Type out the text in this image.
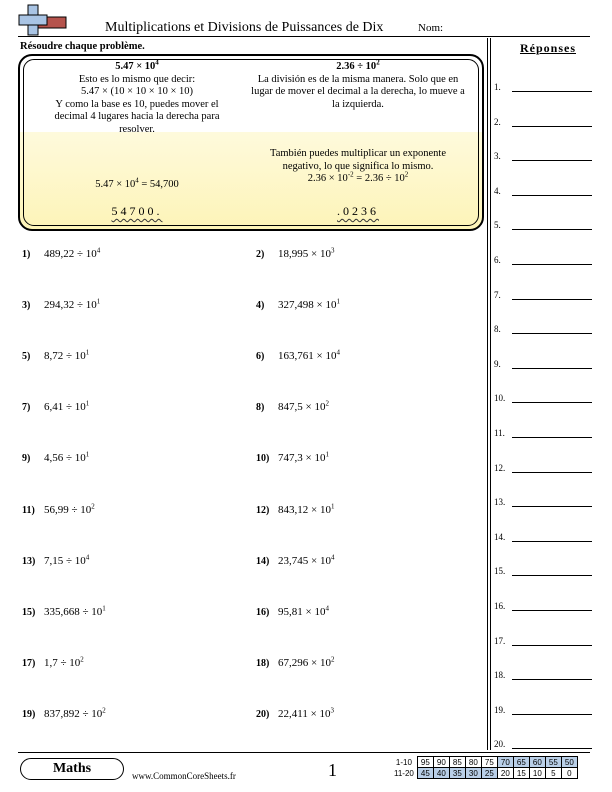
Multiplications et Divisions de Puissances de Dix	Nom:
Résoudre chaque problème.
$5.47 \times 10^4$
Esto es lo mismo que decir:
5.47 × (10 × 10 × 10 × 10)
Y como la base es 10, puedes mover el
decimal 4 lugares hacia la derecha para
resolver.
$5.47 \times 10^4 = 54,700$
54700.
$2.36 \div 10^2$
La división es de la misma manera. Solo que en
lugar de mover el decimal a la derecha, lo mueve a
la izquierda.
También puedes multiplicar un exponente
negativo, lo que significa lo mismo.
$2.36 \times 10^{-2} = 2.36 \div 10^2$
.0236
Réponses
1.
2.
3.
4.
5.
6.
7.
8.
9.
10.
11.
12.
13.
14.
15.
16.
17.
18.
19.
20.
1) $489,22 \div 10^4$	2) $18,995 \times 10^3$
3) $294,32 \div 10^1$	4) $327,498 \times 10^1$
5) $8,72 \div 10^1$	6) $163,761 \times 10^4$
7) $6,41 \div 10^1$	8) $847,5 \times 10^2$
9) $4,56 \div 10^1$	10) $747,3 \times 10^1$
11) $56,99 \div 10^2$	12) $843,12 \times 10^1$
13) $7,15 \div 10^4$	14) $23,745 \times 10^4$
15) $335,668 \div 10^1$	16) $95,81 \times 10^4$
17) $1,7 \div 10^2$	18) $67,296 \times 10^2$
19) $837,892 \div 10^2$	20) $22,411 \times 10^3$
Maths	www.CommonCoreSheets.fr	1	1-10	95	90	85	80	75	70	65	60	55	50
11-20	45	40	35	30	25	20	15	10	5	0
